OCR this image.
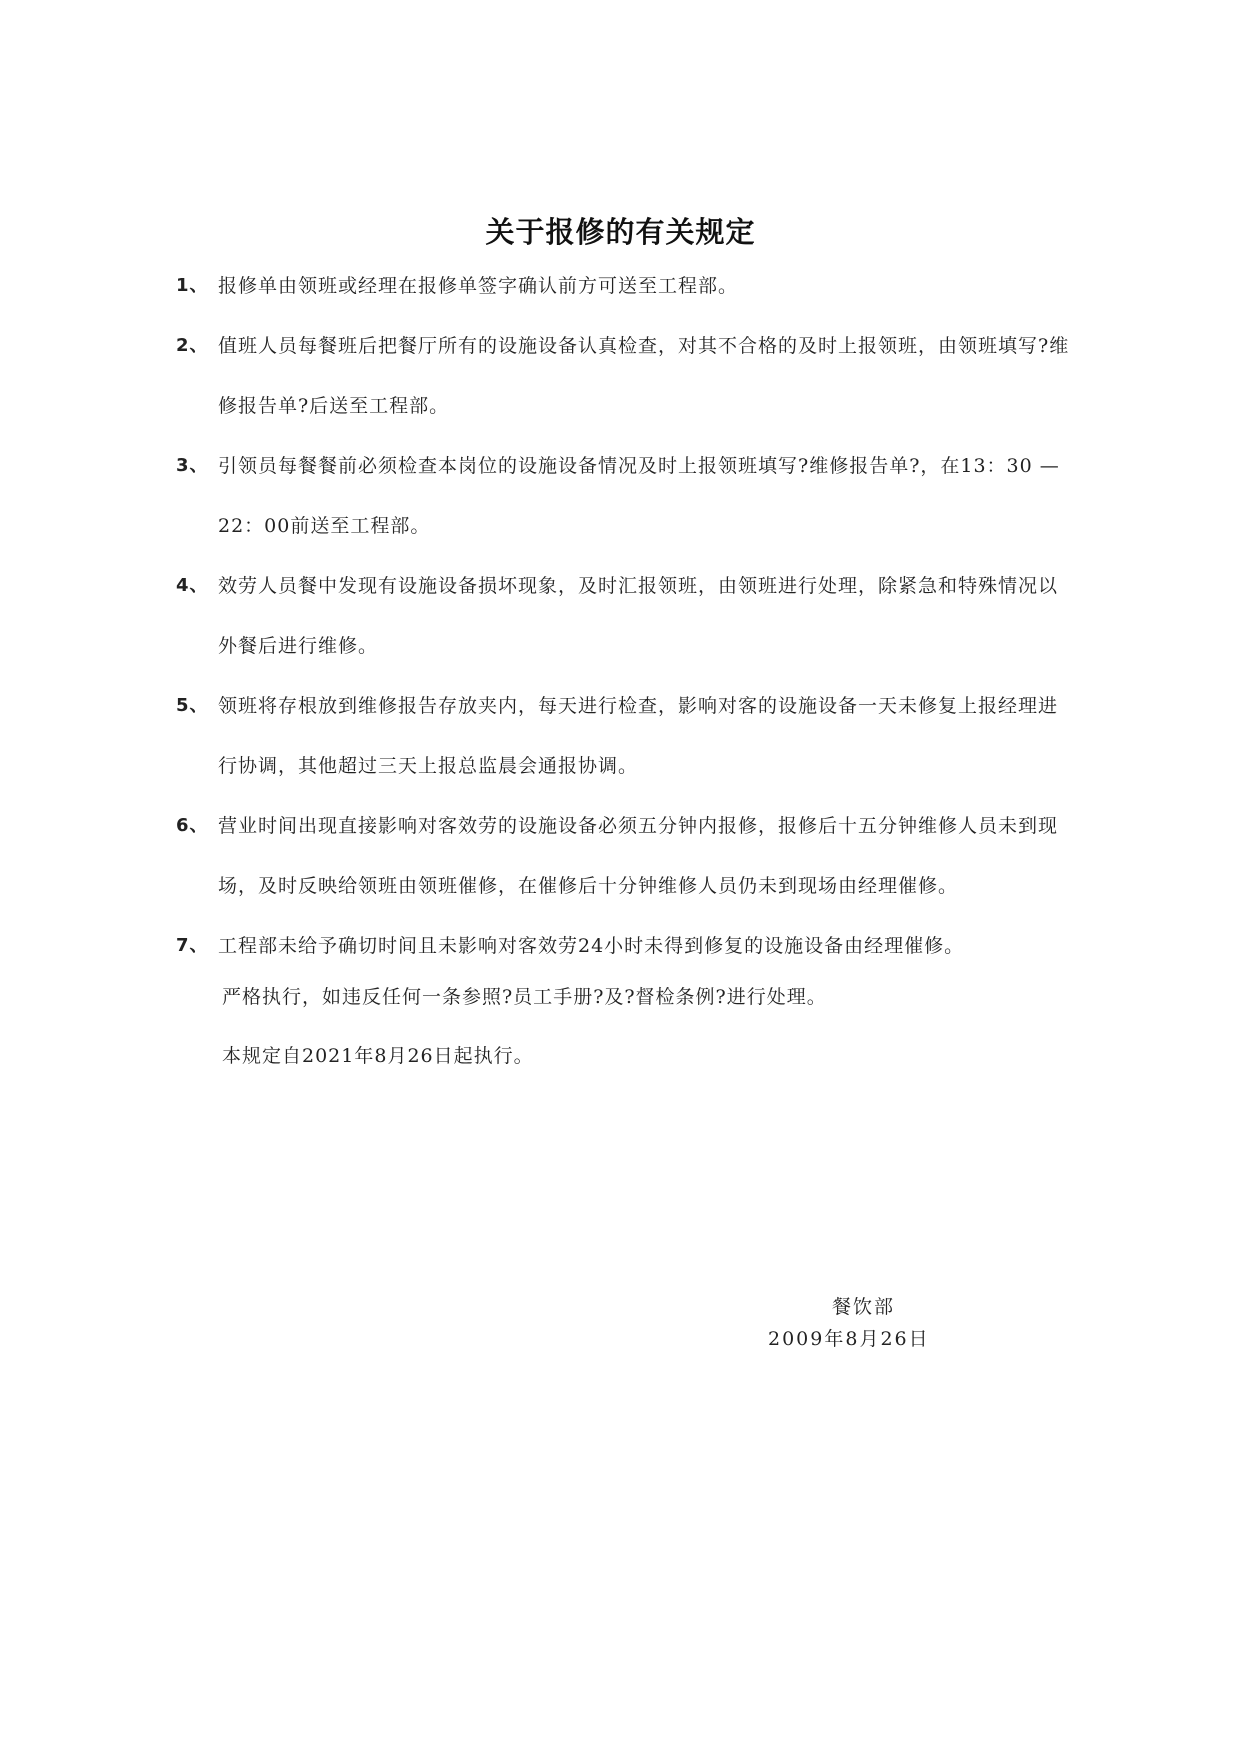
关于报修的有关规定
1、 报修单由领班或经理在报修单签字确认前方可送至工程部。
2、 值班人员每餐班后把餐厅所有的设施设备认真检查，对其不合格的及时上报领班，由领班填写?维修报告单?后送至工程部。
3、 引领员每餐餐前必须检查本岗位的设施设备情况及时上报领班填写?维修报告单?，在13：30 — 22：00前送至工程部。
4、 效劳人员餐中发现有设施设备损坏现象，及时汇报领班，由领班进行处理，除紧急和特殊情况以外餐后进行维修。
5、 领班将存根放到维修报告存放夹内，每天进行检查，影响对客的设施设备一天未修复上报经理进行协调，其他超过三天上报总监晨会通报协调。
6、 营业时间出现直接影响对客效劳的设施设备必须五分钟内报修，报修后十五分钟维修人员未到现场，及时反映给领班由领班催修，在催修后十分钟维修人员仍未到现场由经理催修。
7、 工程部未给予确切时间且未影响对客效劳24小时未得到修复的设施设备由经理催修。

严格执行，如违反任何一条参照?员工手册?及?督检条例?进行处理。

本规定自2021年8月26日起执行。

餐饮部
2009年8月26日
